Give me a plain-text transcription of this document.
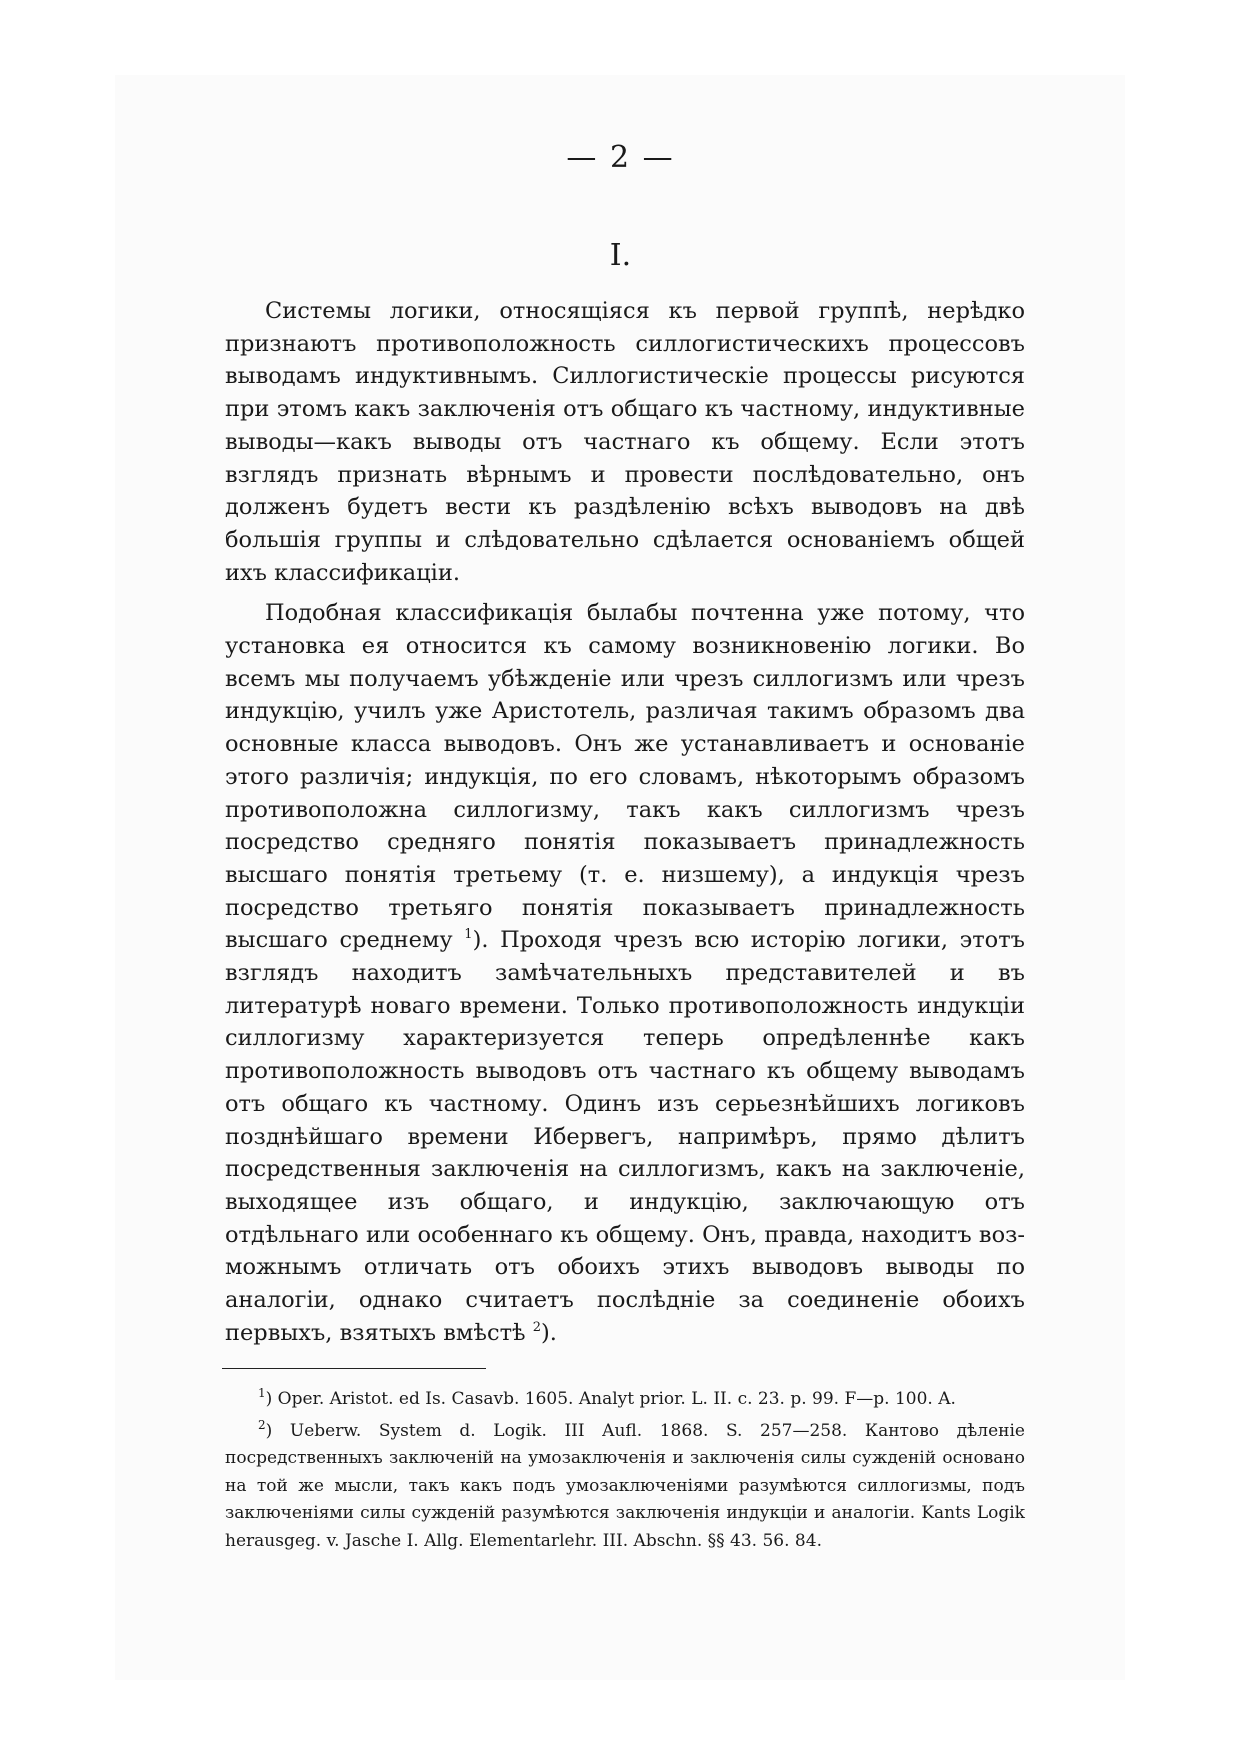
— 2 —
I.

Системы логики, относящіяся къ первой группѣ, нерѣдко признаютъ противоположность силлогистическихъ процессовъ выводамъ индуктивнымъ. Силлогистическіе процессы рисуются при этомъ какъ заключенія отъ общаго къ частному, индуктивные выводы—какъ выводы отъ частнаго къ общему. Если этотъ взглядъ признать вѣрнымъ и провести послѣдовательно, онъ долженъ будетъ вести къ раздѣленію всѣхъ выводовъ на двѣ большія группы и слѣдовательно сдѣлается основаніемъ общей ихъ классификаціи.

Подобная классификація былабы почтенна уже потому, что установка ея относится къ самому возникновенію логики. Во всемъ мы получаемъ убѣжденіе или чрезъ силлогизмъ или чрезъ индукцію, училъ уже Аристотель, различая такимъ образомъ два основные класса выводовъ. Онъ же устанавливаетъ и основаніе этого различія; индукція, по его словамъ, нѣкоторымъ образомъ противоположна силлогизму, такъ какъ силлогизмъ чрезъ посредство средняго понятія показываетъ принадлежность высшаго понятія третьему (т. е. низшему), а индукція чрезъ посредство третьяго понятія показываетъ принадлежность высшаго среднему $^1$). Проходя чрезъ всю исторію логики, этотъ взглядъ находитъ замѣчательныхъ представителей и въ литературѣ новаго времени. Только противоположность индукціи силлогизму характеризуется теперь опредѣленнѣе какъ противоположность выводовъ отъ частнаго къ общему выводамъ отъ общаго къ частному. Одинъ изъ серьезнѣйшихъ логиковъ позднѣйшаго времени Ибервегъ, напримѣръ, прямо дѣлитъ посредственныя заключенія на силлогизмъ, какъ на заключеніе, выходящее изъ общаго, и индукцію, заключающую отъ отдѣльнаго или особеннаго къ общему. Онъ, правда, находитъ возможнымъ отличать отъ обоихъ этихъ выводовъ выводы по аналогіи, однако считаетъ послѣдніе за соединеніе обоихъ первыхъ, взятыхъ вмѣстѣ $^2$).

$^1$) Oper. Aristot. ed Is. Casavb. 1605. Analyt prior. L. II. c. 23. p. 99. F—p. 100. A.

$^2$) Ueberw. System d. Logik. III Aufl. 1868. S. 257—258. Кантово дѣленіе посредственныхъ заключеній на умозаключенія и заключенія силы сужденій основано на той же мысли, такъ какъ подъ умозаключеніями разумѣются силлогизмы, подъ заключеніями силы сужденій разумѣются заключенія индукціи и аналогіи. Kants Logik herausgeg. v. Jasche I. Allg. Elementarlehr. III. Abschn. §§ 43. 56. 84.
